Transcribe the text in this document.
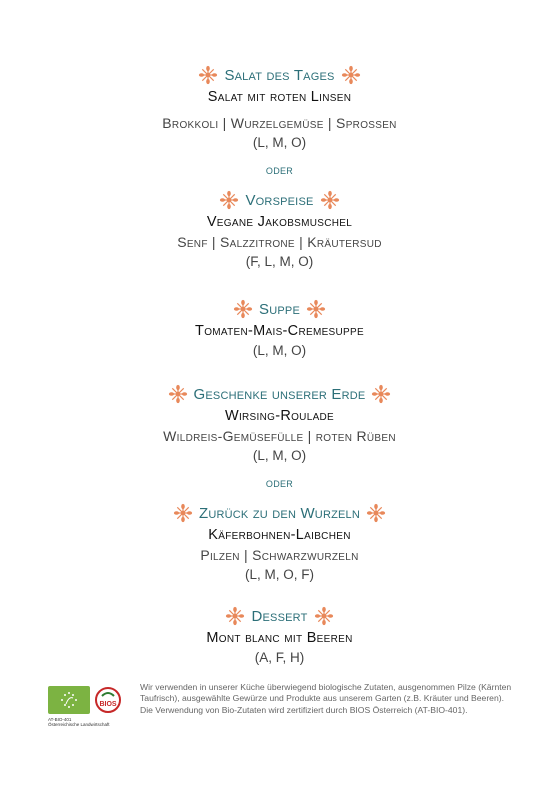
Salat des Tages
Salat mit roten Linsen
Brokkoli | Wurzelgemüse | Sprossen
(L, M, O)
oder
Vorspeise
Vegane Jakobsmuschel
Senf | Salzzitrone | Kräutersud
(F, L, M, O)
Suppe
Tomaten-Mais-Cremesuppe
(L, M, O)
Geschenke unserer Erde
Wirsing-Roulade
Wildreis-Gemüsefülle | roten Rüben
(L, M, O)
oder
Zurück zu den Wurzeln
Käferbohnen-Laibchen
Pilzen | Schwarzwurzeln
(L, M, O, F)
Dessert
Mont blanc mit Beeren
(A, F, H)
BIOS
AT-BIO-401
Österreichische Landwirtschaft
Wir verwenden in unserer Küche überwiegend biologische Zutaten, ausgenommen Pilze (Kärnten Taufrisch), ausgewählte Gewürze und Produkte aus unserem Garten (z.B. Kräuter und Beeren). Die Verwendung von Bio-Zutaten wird zertifiziert durch BIOS Österreich (AT-BIO-401).
